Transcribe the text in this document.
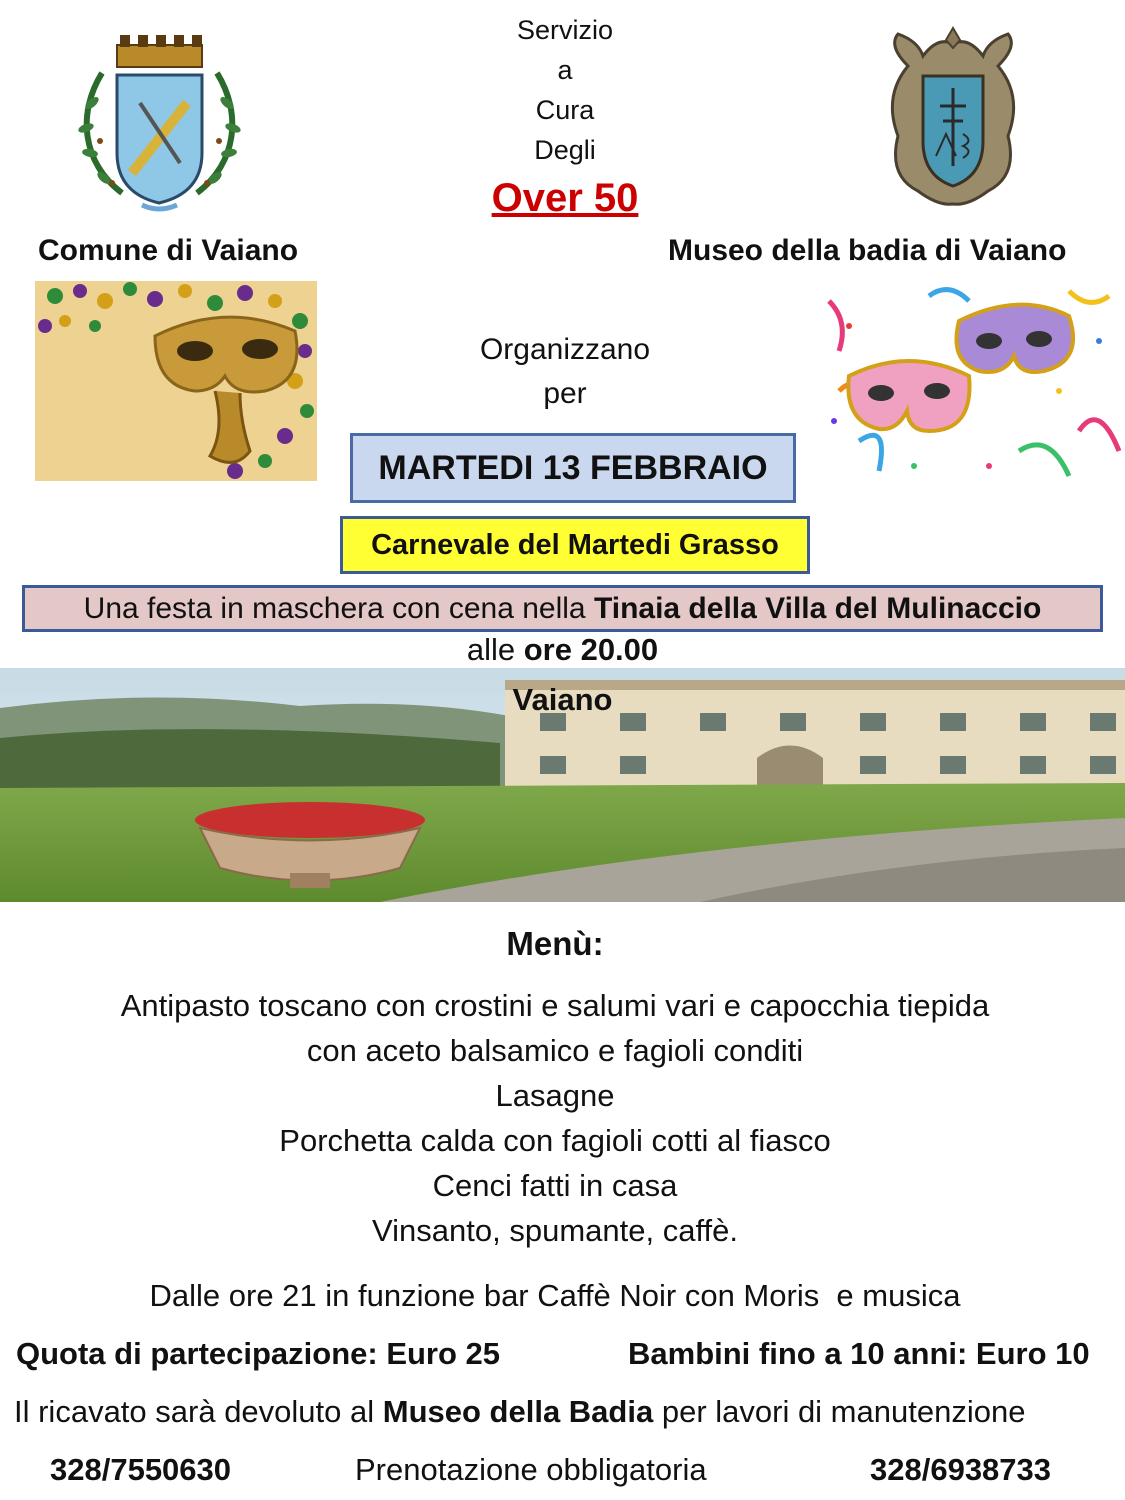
Servizio
a
Cura
Degli
Over 50
Comune di Vaiano	Museo della badia di Vaiano
Organizzano
per
MARTEDI 13 FEBBRAIO
Carnevale del Martedi Grasso
Una festa in maschera con cena nella Tinaia della Villa del Mulinaccio
alle ore 20.00
Vaiano
Menù:
Antipasto toscano con crostini e salumi vari e capocchia tiepida
con aceto balsamico e fagioli conditi
Lasagne
Porchetta calda con fagioli cotti al fiasco
Cenci fatti in casa
Vinsanto, spumante, caffè.
Dalle ore 21 in funzione bar Caffè Noir con Moris  e musica
Quota di partecipazione: Euro 25	Bambini fino a 10 anni: Euro 10
Il ricavato sarà devoluto al Museo della Badia per lavori di manutenzione
328/7550630	Prenotazione obbligatoria	328/6938733
